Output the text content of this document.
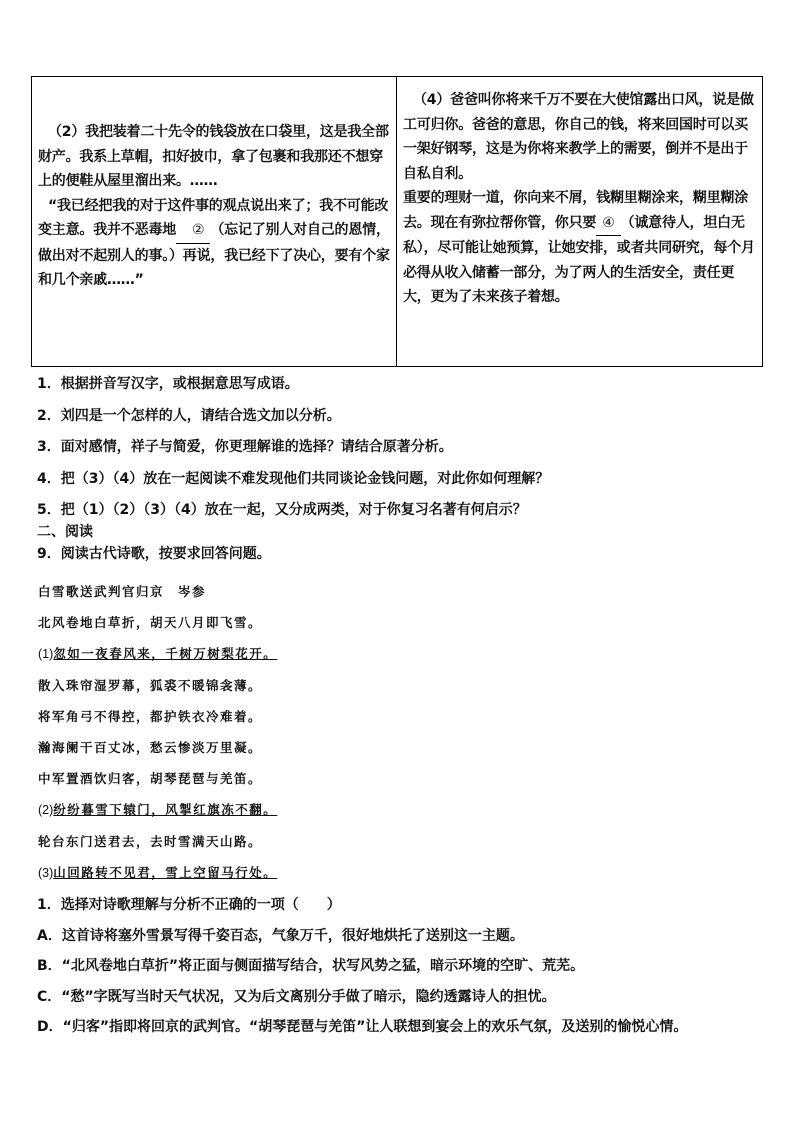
（2）我把装着二十先令的钱袋放在口袋里，这是我全部财产。我系上草帽，扣好披巾，拿了包裹和我那还不想穿上的便鞋从屋里溜出来。……

“我已经把我的对于这件事的观点说出来了；我不可能改变主意。我并不恶毒地 ② （忘记了别人对自己的恩情，做出对不起别人的事。）再说，我已经下了决心，要有个家和几个亲戚……”

（4）爸爸叫你将来千万不要在大使馆露出口风，说是做工可归你。爸爸的意思，你自己的钱，将来回国时可以买一架好钢琴，这是为你将来教学上的需要，倒并不是出于自私自利。

重要的理财一道，你向来不屑，钱糊里糊涂来，糊里糊涂去。现在有弥拉帮你管，你只要 ④ （诚意待人，坦白无私），尽可能让她预算，让她安排，或者共同研究，每个月必得从收入储蓄一部分，为了两人的生活安全，责任更大，更为了未来孩子着想。

1．根据拼音写汉字，或根据意思写成语。
2．刘四是一个怎样的人，请结合选文加以分析。
3．面对感情，祥子与简爱，你更理解谁的选择？请结合原著分析。
4．把（3）（4）放在一起阅读不难发现他们共同谈论金钱问题，对此你如何理解？
5．把（1）（2）（3）（4）放在一起，又分成两类，对于你复习名著有何启示？
二、阅读
9．阅读古代诗歌，按要求回答问题。
白雪歌送武判官归京　岑参
北风卷地白草折，胡天八月即飞雪。
(1)忽如一夜春风来，千树万树梨花开。
散入珠帘湿罗幕，狐裘不暖锦衾薄。
将军角弓不得控，都护铁衣冷难着。
瀚海阑干百丈冰，愁云惨淡万里凝。
中军置酒饮归客，胡琴琵琶与羌笛。
(2)纷纷暮雪下辕门，风掣红旗冻不翻。
轮台东门送君去，去时雪满天山路。
(3)山回路转不见君，雪上空留马行处。
1．选择对诗歌理解与分析不正确的一项（　　）
A．这首诗将塞外雪景写得千姿百态，气象万千，很好地烘托了送别这一主题。
B．“北风卷地白草折”将正面与侧面描写结合，状写风势之猛，暗示环境的空旷、荒芜。
C．“愁”字既写当时天气状况，又为后文离别分手做了暗示，隐约透露诗人的担忧。
D．“归客”指即将回京的武判官。“胡琴琵琶与羌笛”让人联想到宴会上的欢乐气氛，及送别的愉悦心情。
